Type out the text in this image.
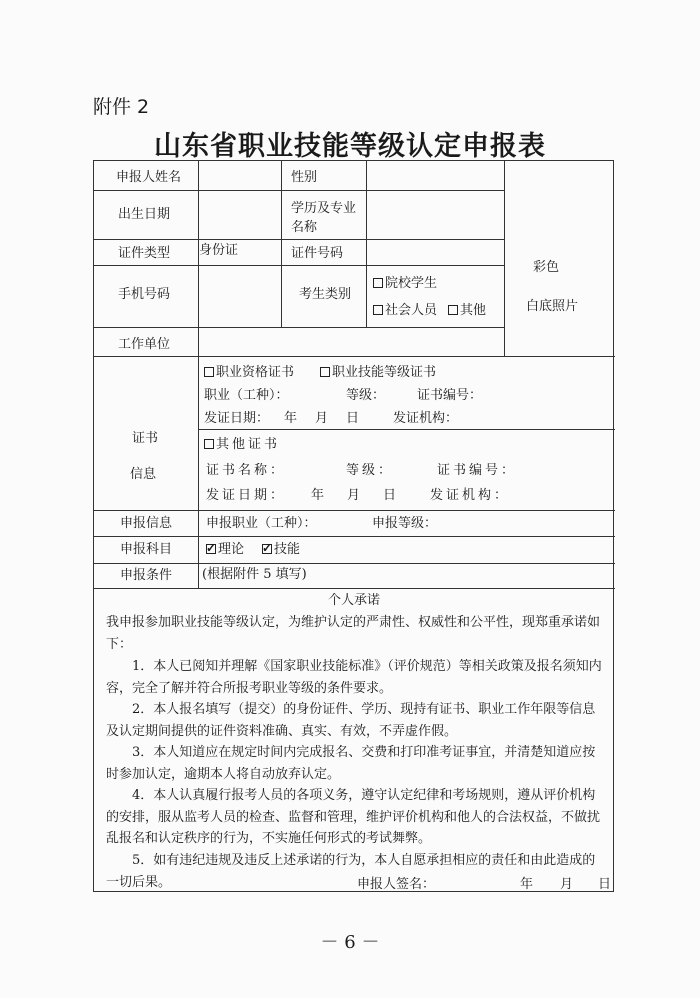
附件 2
山东省职业技能等级认定申报表
申报人姓名	性别
出生日期	学历及专业
名称
证件类型 身份证	证件号码
手机号码	考生类别
院校学生
社会人员	其他
工作单位
彩色
白底照片
证书
信息
职业资格证书	职业技能等级证书
职业（工种）：	等级： 证书编号：
发证日期： 年 月 日	发证机构：
其他证书
证书名称：	等级：	证书编号：
发证日期： 年 月 日	发证机构：
申报信息	申报职业（工种）：	申报等级：
申报科目 ✓	理论 ✓	技能
申报条件 (根据附件 5 填写)
个人承诺
我申报参加职业技能等级认定，为维护认定的严肃性、权威性和公平性，现郑重承诺如下：
1．本人已阅知并理解《国家职业技能标准》（评价规范）等相关政策及报名须知内容，完全了解并符合所报考职业等级的条件要求。
2．本人报名填写（提交）的身份证件、学历、现持有证书、职业工作年限等信息及认定期间提供的证件资料准确、真实、有效，不弄虚作假。
3．本人知道应在规定时间内完成报名、交费和打印准考证事宜，并清楚知道应按时参加认定，逾期本人将自动放弃认定。
4．本人认真履行报考人员的各项义务，遵守认定纪律和考场规则，遵从评价机构的安排，服从监考人员的检查、监督和管理，维护评价机构和他人的合法权益，不做扰乱报名和认定秩序的行为，不实施任何形式的考试舞弊。
5．如有违纪违规及违反上述承诺的行为，本人自愿承担相应的责任和由此造成的一切后果。	申报人签名：	年 月 日
－ 6 －
